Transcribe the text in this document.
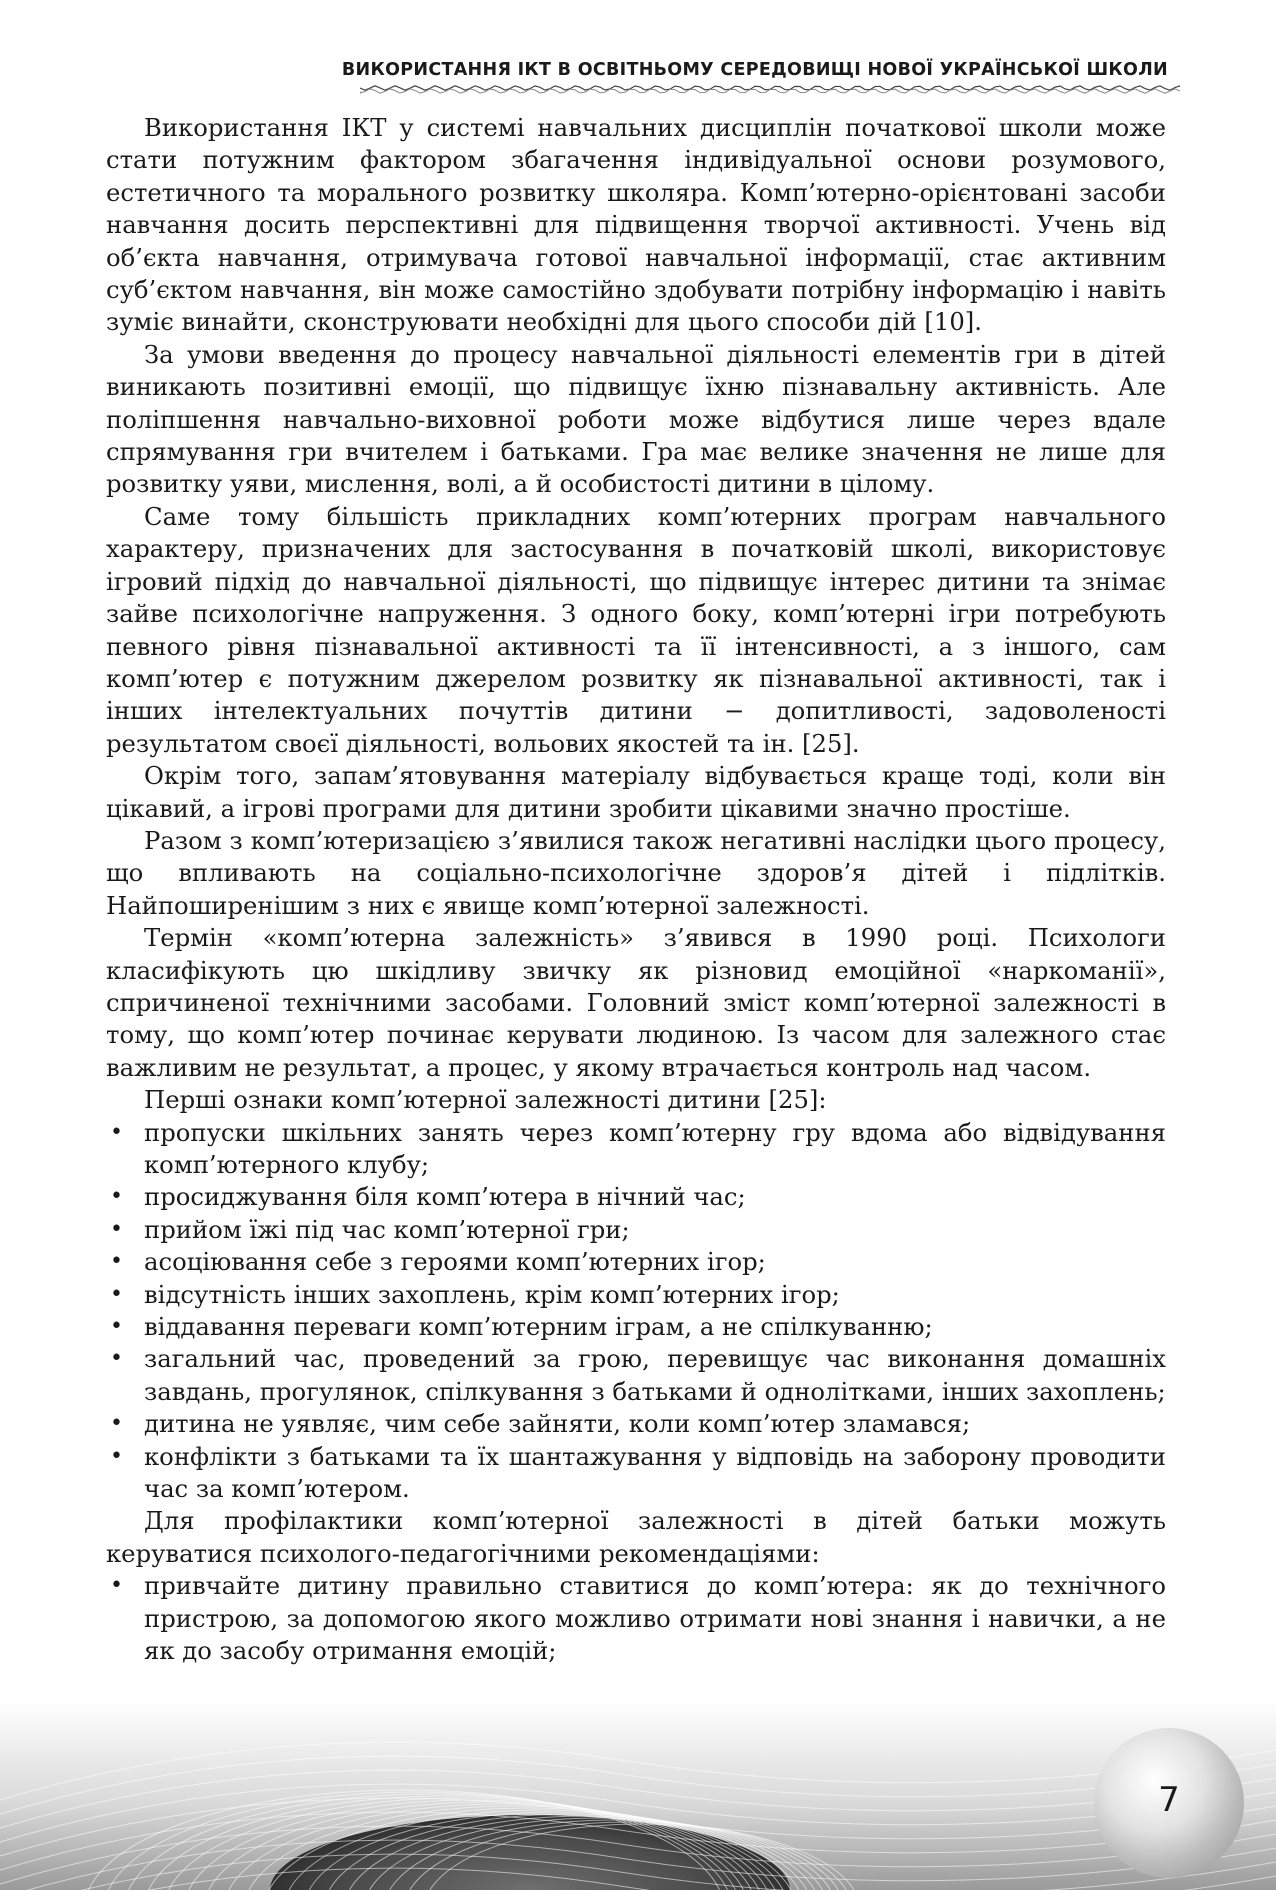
ВИКОРИСТАННЯ ІКТ В ОСВІТНЬОМУ СЕРЕДОВИЩІ НОВОЇ УКРАЇНСЬКОЇ ШКОЛИ

Використання ІКТ у системі навчальних дисциплін початкової школи може стати потужним фактором збагачення індивідуальної основи розумового, естетичного та морального розвитку школяра. Комп’ютерно-орієнтовані засоби навчання досить перспективні для підвищення творчої активності. Учень від об’єкта навчання, отримувача готової навчальної інформації, стає активним суб’єктом навчання, він може самостійно здобувати потрібну інформацію і навіть зуміє винайти, сконструювати необхідні для цього способи дій [10].

За умови введення до процесу навчальної діяльності елементів гри в дітей виникають позитивні емоції, що підвищує їхню пізнавальну активність. Але поліпшення навчально-виховної роботи може відбутися лише через вдале спрямування гри вчителем і батьками. Гра має велике значення не лише для розвитку уяви, мислення, волі, а й особистості дитини в цілому.

Саме тому більшість прикладних комп’ютерних програм навчального характеру, призначених для застосування в початковій школі, використовує ігровий підхід до навчальної діяльності, що підвищує інтерес дитини та знімає зайве психологічне напруження. З одного боку, комп’ютерні ігри потребують певного рівня пізнавальної активності та її інтенсивності, а з іншого, сам комп’ютер є потужним джерелом розвитку як пізнавальної активності, так і інших інтелектуальних почуттів дитини − допитливості, задоволеності результатом своєї діяльності, вольових якостей та ін. [25].

Окрім того, запам’ятовування матеріалу відбувається краще тоді, коли він цікавий, а ігрові програми для дитини зробити цікавими значно простіше.

Разом з комп’ютеризацією з’явилися також негативні наслідки цього процесу, що впливають на соціально-психологічне здоров’я дітей і підлітків. Найпоширенішим з них є явище комп’ютерної залежності.

Термін «комп’ютерна залежність» з’явився в 1990 році. Психологи класифікують цю шкідливу звичку як різновид емоційної «наркоманії», спричиненої технічними засобами. Головний зміст комп’ютерної залежності в тому, що комп’ютер починає керувати людиною. Із часом для залежного стає важливим не результат, а процес, у якому втрачається контроль над часом.

Перші ознаки комп’ютерної залежності дитини [25]:

• пропуски шкільних занять через комп’ютерну гру вдома або відвідування комп’ютерного клубу;
• просиджування біля комп’ютера в нічний час;
• прийом їжі під час комп’ютерної гри;
• асоціювання себе з героями комп’ютерних ігор;
• відсутність інших захоплень, крім комп’ютерних ігор;
• віддавання переваги комп’ютерним іграм, а не спілкуванню;
• загальний час, проведений за грою, перевищує час виконання домашніх завдань, прогулянок, спілкування з батьками й однолітками, інших захоплень;
• дитина не уявляє, чим себе зайняти, коли комп’ютер зламався;
• конфлікти з батьками та їх шантажування у відповідь на заборону проводити час за комп’ютером.

Для профілактики комп’ютерної залежності в дітей батьки можуть керуватися психолого-педагогічними рекомендаціями:

• привчайте дитину правильно ставитися до комп’ютера: як до технічного пристрою, за допомогою якого можливо отримати нові знання і навички, а не як до засобу отримання емоцій;
7
